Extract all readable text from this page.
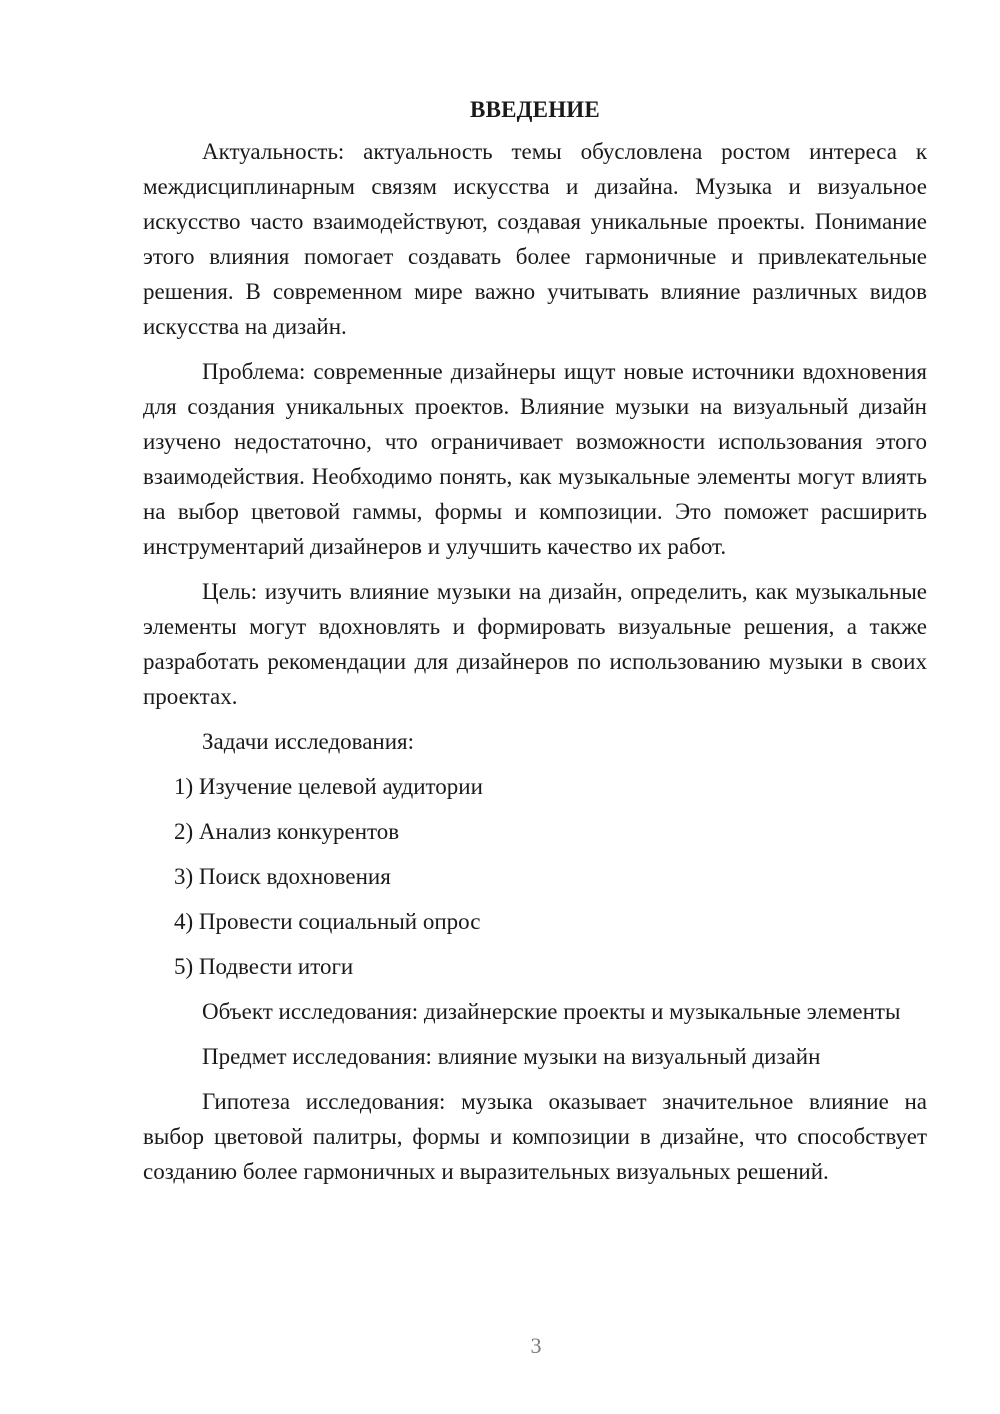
ВВЕДЕНИЕ

Актуальность: актуальность темы обусловлена ростом интереса к междисциплинарным связям искусства и дизайна. Музыка и визуальное искусство часто взаимодействуют, создавая уникальные проекты. Понимание этого влияния помогает создавать более гармоничные и привлекательные решения. В современном мире важно учитывать влияние различных видов искусства на дизайн.

Проблема: современные дизайнеры ищут новые источники вдохновения для создания уникальных проектов. Влияние музыки на визуальный дизайн изучено недостаточно, что ограничивает возможности использования этого взаимодействия. Необходимо понять, как музыкальные элементы могут влиять на выбор цветовой гаммы, формы и композиции. Это поможет расширить инструментарий дизайнеров и улучшить качество их работ.

Цель: изучить влияние музыки на дизайн, определить, как музыкальные элементы могут вдохновлять и формировать визуальные решения, а также разработать рекомендации для дизайнеров по использованию музыки в своих проектах.

Задачи исследования:

1) Изучение целевой аудитории
2) Анализ конкурентов
3) Поиск вдохновения
4) Провести социальный опрос
5) Подвести итоги

Объект исследования: дизайнерские проекты и музыкальные элементы

Предмет исследования: влияние музыки на визуальный дизайн

Гипотеза исследования: музыка оказывает значительное влияние на выбор цветовой палитры, формы и композиции в дизайне, что способствует созданию более гармоничных и выразительных визуальных решений.

3
